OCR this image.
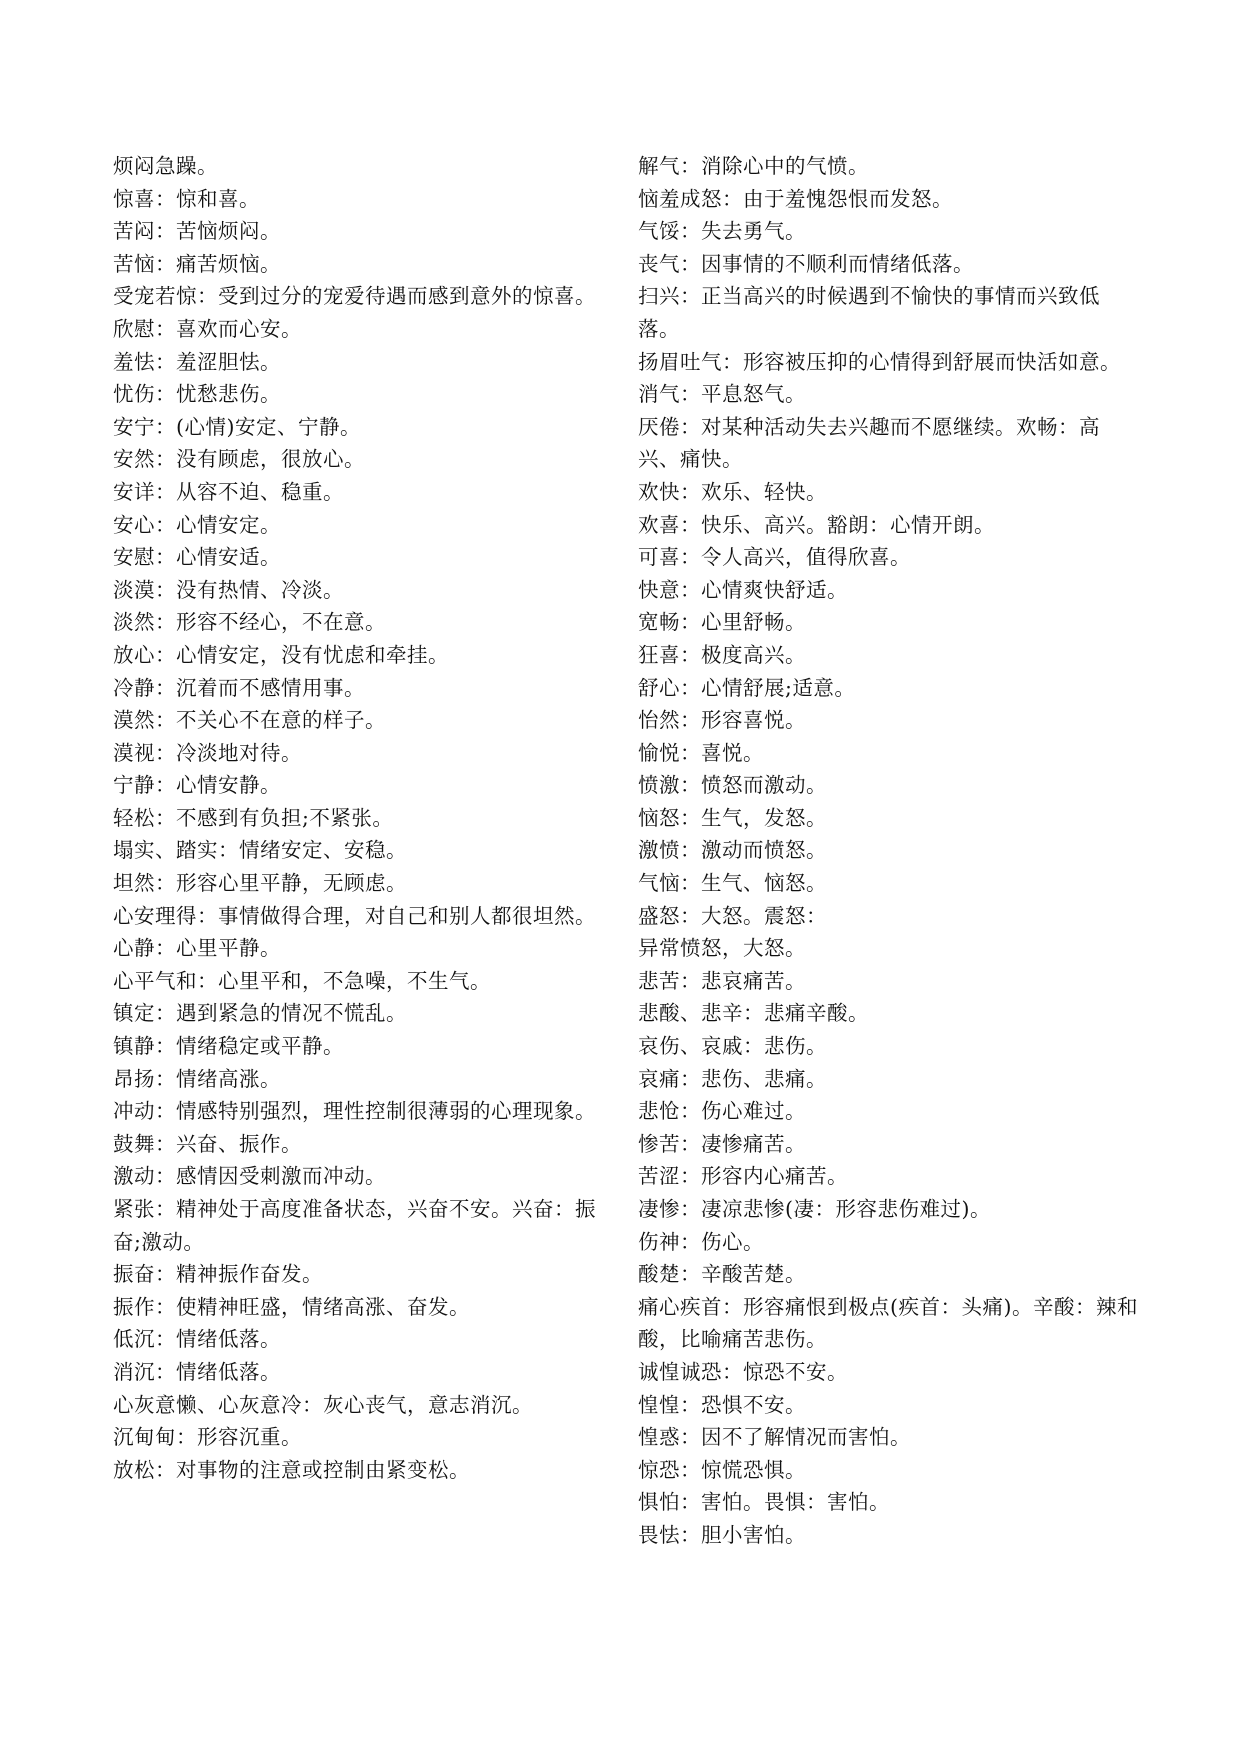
烦闷急躁。

惊喜：惊和喜。

苦闷：苦恼烦闷。

苦恼：痛苦烦恼。

受宠若惊：受到过分的宠爱待遇而感到意外的惊喜。

欣慰：喜欢而心安。

羞怯：羞涩胆怯。

忧伤：忧愁悲伤。

安宁：(心情)安定、宁静。

安然：没有顾虑，很放心。

安详：从容不迫、稳重。

安心：心情安定。

安慰：心情安适。

淡漠：没有热情、冷淡。

淡然：形容不经心，不在意。

放心：心情安定，没有忧虑和牵挂。

冷静：沉着而不感情用事。

漠然：不关心不在意的样子。

漠视：冷淡地对待。

宁静：心情安静。

轻松：不感到有负担;不紧张。

塌实、踏实：情绪安定、安稳。

坦然：形容心里平静，无顾虑。

心安理得：事情做得合理，对自己和别人都很坦然。

心静：心里平静。

心平气和：心里平和，不急噪，不生气。

镇定：遇到紧急的情况不慌乱。

镇静：情绪稳定或平静。

昂扬：情绪高涨。

冲动：情感特别强烈，理性控制很薄弱的心理现象。

鼓舞：兴奋、振作。

激动：感情因受刺激而冲动。

紧张：精神处于高度准备状态，兴奋不安。兴奋：振奋;激动。

振奋：精神振作奋发。

振作：使精神旺盛，情绪高涨、奋发。

低沉：情绪低落。

消沉：情绪低落。

心灰意懒、心灰意冷：灰心丧气，意志消沉。

沉甸甸：形容沉重。

放松：对事物的注意或控制由紧变松。

解气：消除心中的气愤。

恼羞成怒：由于羞愧怨恨而发怒。

气馁：失去勇气。

丧气：因事情的不顺利而情绪低落。

扫兴：正当高兴的时候遇到不愉快的事情而兴致低落。

扬眉吐气：形容被压抑的心情得到舒展而快活如意。

消气：平息怒气。

厌倦：对某种活动失去兴趣而不愿继续。欢畅：高兴、痛快。

欢快：欢乐、轻快。

欢喜：快乐、高兴。豁朗：心情开朗。

可喜：令人高兴，值得欣喜。

快意：心情爽快舒适。

宽畅：心里舒畅。

狂喜：极度高兴。

舒心：心情舒展;适意。

怡然：形容喜悦。

愉悦：喜悦。

愤激：愤怒而激动。

恼怒：生气，发怒。

激愤：激动而愤怒。

气恼：生气、恼怒。

盛怒：大怒。震怒：

异常愤怒，大怒。

悲苦：悲哀痛苦。

悲酸、悲辛：悲痛辛酸。

哀伤、哀戚：悲伤。

哀痛：悲伤、悲痛。

悲怆：伤心难过。

惨苦：凄惨痛苦。

苦涩：形容内心痛苦。

凄惨：凄凉悲惨(凄：形容悲伤难过)。

伤神：伤心。

酸楚：辛酸苦楚。

痛心疾首：形容痛恨到极点(疾首：头痛)。辛酸：辣和酸，比喻痛苦悲伤。

诚惶诚恐：惊恐不安。

惶惶：恐惧不安。

惶惑：因不了解情况而害怕。

惊恐：惊慌恐惧。

惧怕：害怕。畏惧：害怕。

畏怯：胆小害怕。
